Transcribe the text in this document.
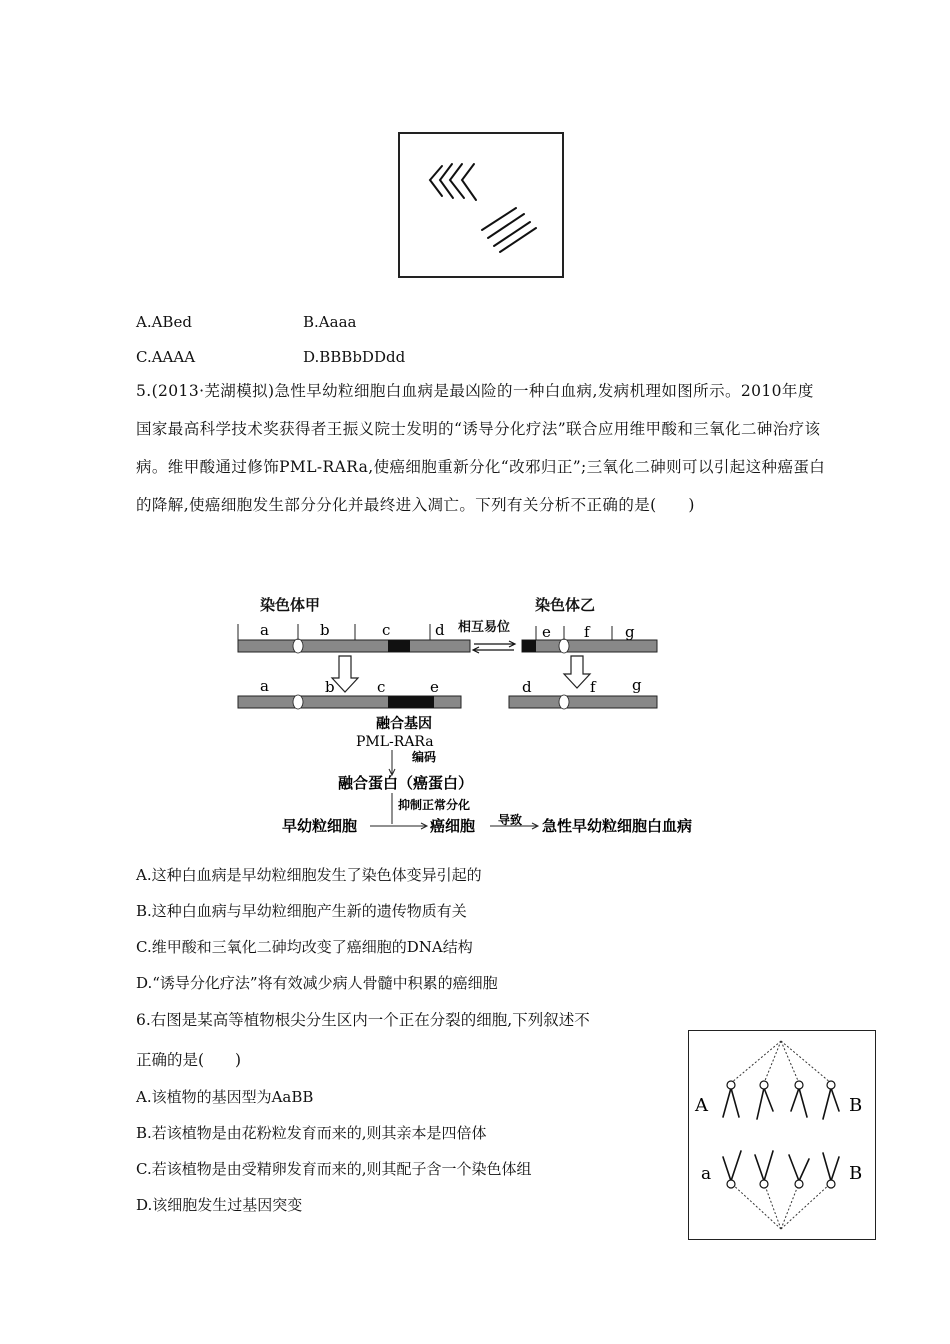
A.ABed	B.Aaaa
C.AAAA	D.BBBbDDdd
5.(2013·芜湖模拟)急性早幼粒细胞白血病是最凶险的一种白血病,发病机理如图所示。2010年度国家最高科学技术奖获得者王振义院士发明的“诱导分化疗法”联合应用维甲酸和三氧化二砷治疗该病。维甲酸通过修饰PML-RARa,使癌细胞重新分化“改邪归正”;三氧化二砷则可以引起这种癌蛋白的降解,使癌细胞发生部分分化并最终进入凋亡。下列有关分析不正确的是(　　)
染色体甲	染色体乙
相互易位
a	b	c	d	e f g
a	b	c	e	d	f g
融合基因
PML-RARa
编码
融合蛋白（癌蛋白）
抑制正常分化
导致
早幼粒细胞	癌细胞	急性早幼粒细胞白血病
A.这种白血病是早幼粒细胞发生了染色体变异引起的
B.这种白血病与早幼粒细胞产生新的遗传物质有关
C.维甲酸和三氧化二砷均改变了癌细胞的DNA结构
D.“诱导分化疗法”将有效减少病人骨髓中积累的癌细胞
6.右图是某高等植物根尖分生区内一个正在分裂的细胞,下列叙述不
正确的是(　　)
A.该植物的基因型为AaBB
B.若该植物是由花粉粒发育而来的,则其亲本是四倍体
C.若该植物是由受精卵发育而来的,则其配子含一个染色体组
D.该细胞发生过基因突变
A	B
a	B
